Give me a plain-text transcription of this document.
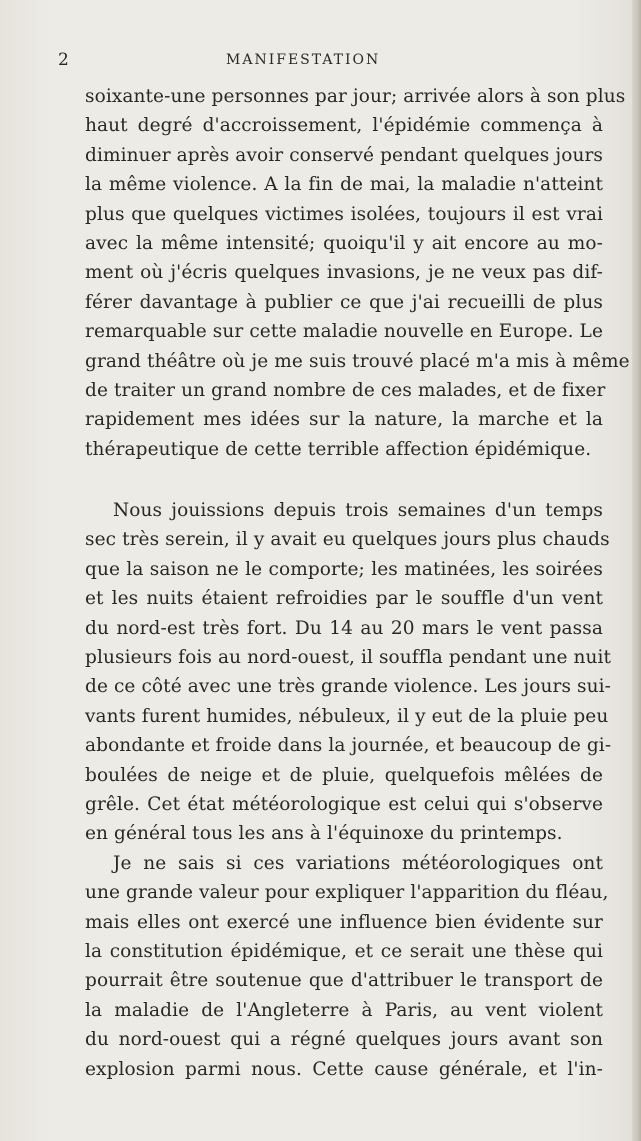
2	MANIFESTATION
soixante-une personnes par jour; arrivée alors à son plus
haut degré d'accroissement, l'épidémie commença à
diminuer après avoir conservé pendant quelques jours
la même violence. A la fin de mai, la maladie n'atteint
plus que quelques victimes isolées, toujours il est vrai
avec la même intensité; quoiqu'il y ait encore au mo-
ment où j'écris quelques invasions, je ne veux pas dif-
férer davantage à publier ce que j'ai recueilli de plus
remarquable sur cette maladie nouvelle en Europe. Le
grand théâtre où je me suis trouvé placé m'a mis à même
de traiter un grand nombre de ces malades, et de fixer
rapidement mes idées sur la nature, la marche et la
thérapeutique de cette terrible affection épidémique.
Nous jouissions depuis trois semaines d'un temps
sec très serein, il y avait eu quelques jours plus chauds
que la saison ne le comporte; les matinées, les soirées
et les nuits étaient refroidies par le souffle d'un vent
du nord-est très fort. Du 14 au 20 mars le vent passa
plusieurs fois au nord-ouest, il souffla pendant une nuit
de ce côté avec une très grande violence. Les jours sui-
vants furent humides, nébuleux, il y eut de la pluie peu
abondante et froide dans la journée, et beaucoup de gi-
boulées de neige et de pluie, quelquefois mêlées de
grêle. Cet état météorologique est celui qui s'observe
en général tous les ans à l'équinoxe du printemps.
Je ne sais si ces variations météorologiques ont
une grande valeur pour expliquer l'apparition du fléau,
mais elles ont exercé une influence bien évidente sur
la constitution épidémique, et ce serait une thèse qui
pourrait être soutenue que d'attribuer le transport de
la maladie de l'Angleterre à Paris, au vent violent
du nord-ouest qui a régné quelques jours avant son
explosion parmi nous. Cette cause générale, et l'in-
